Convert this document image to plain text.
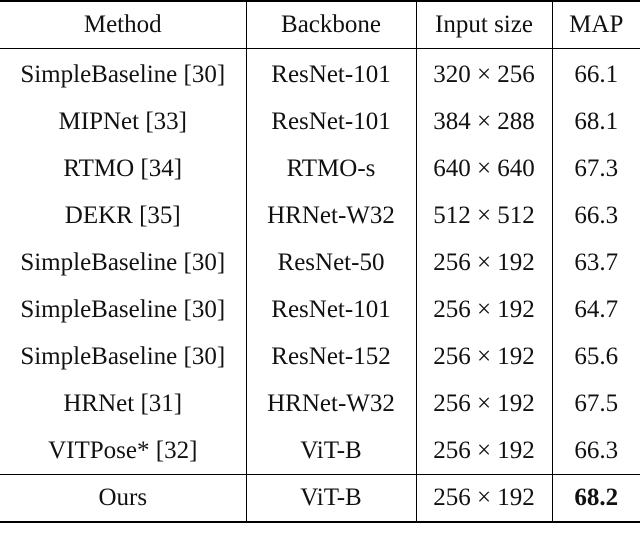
Method	Backbone	Input size	MAP
SimpleBaseline [30]	ResNet-101	320 × 256	66.1
MIPNet [33]	ResNet-101	384 × 288	68.1
RTMO [34]	RTMO-s	640 × 640	67.3
DEKR [35]	HRNet-W32	512 × 512	66.3
SimpleBaseline [30]	ResNet-50	256 × 192	63.7
SimpleBaseline [30]	ResNet-101	256 × 192	64.7
SimpleBaseline [30]	ResNet-152	256 × 192	65.6
HRNet [31]	HRNet-W32	256 × 192	67.5
VITPose* [32]	ViT-B	256 × 192	66.3
Ours	ViT-B	256 × 192	68.2
